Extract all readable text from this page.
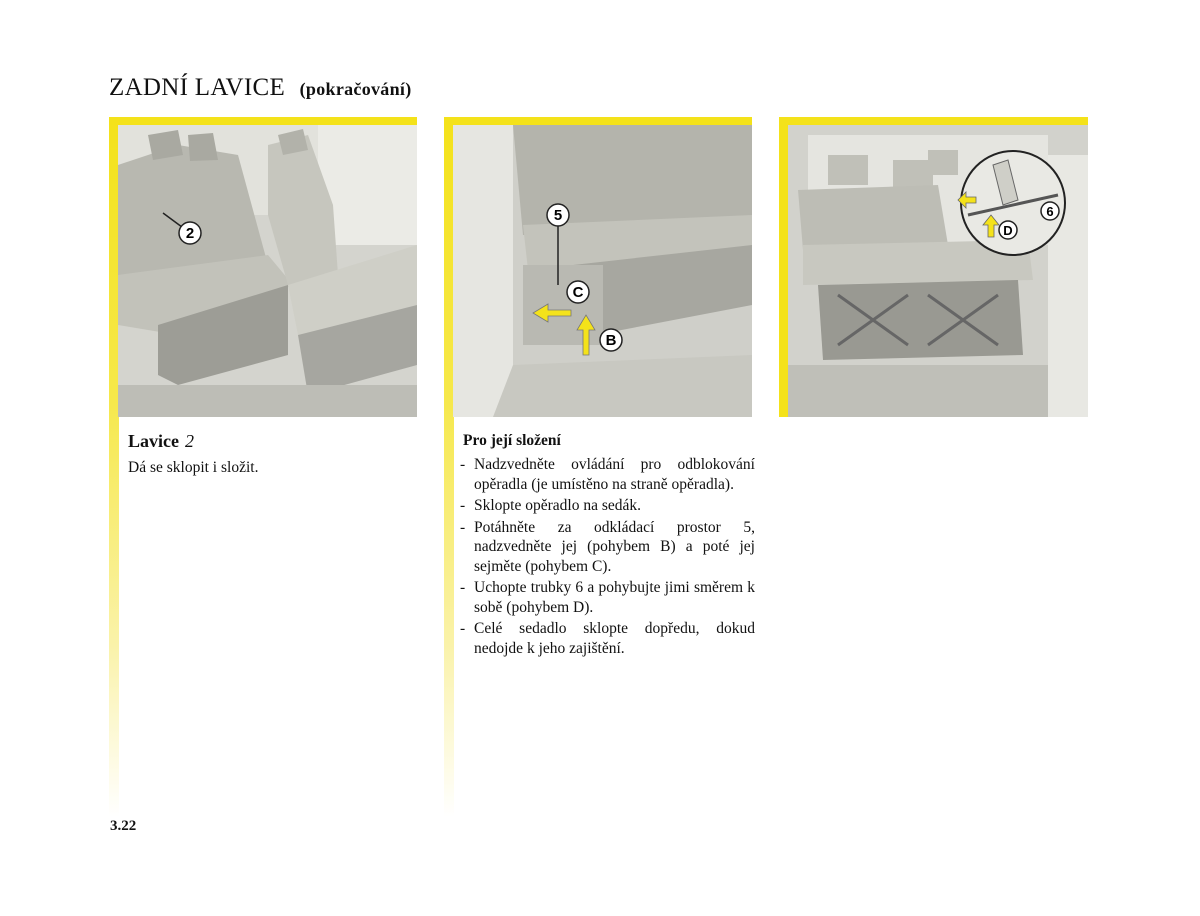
ZADNÍ LAVICE (pokračování)
2
5
C
B
6
D
Lavice 2
Dá se sklopit i složit.
Pro její složení
- Nadzvedněte ovládání pro odblokování opěradla (je umístěno na straně opěradla).
- Sklopte opěradlo na sedák.
- Potáhněte za odkládací prostor 5, nadzvedněte jej (pohybem B) a poté jej sejměte (pohybem C).
- Uchopte trubky 6 a pohybujte jimi směrem k sobě (pohybem D).
- Celé sedadlo sklopte dopředu, dokud nedojde k jeho zajištění.
3.22
